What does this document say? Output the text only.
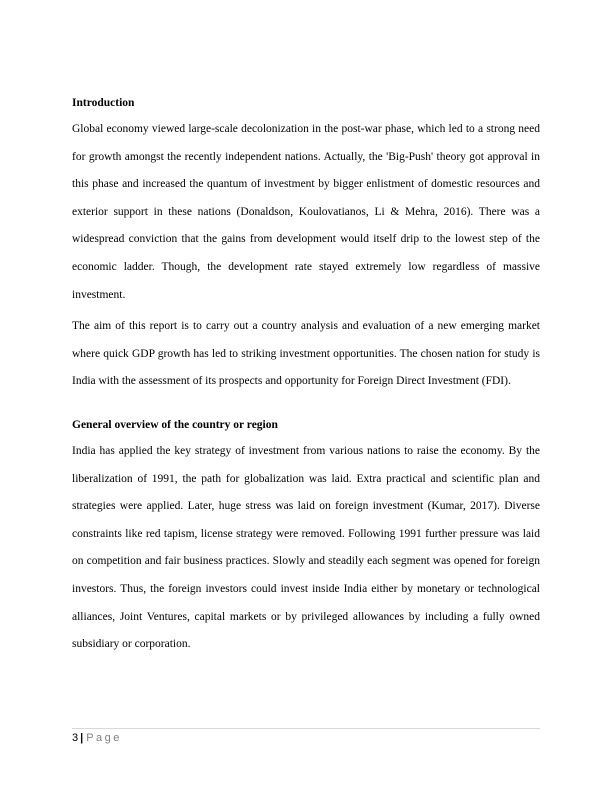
Introduction

Global economy viewed large-scale decolonization in the post-war phase, which led to a strong need for growth amongst the recently independent nations. Actually, the 'Big-Push' theory got approval in this phase and increased the quantum of investment by bigger enlistment of domestic resources and exterior support in these nations (Donaldson, Koulovatianos, Li & Mehra, 2016). There was a widespread conviction that the gains from development would itself drip to the lowest step of the economic ladder. Though, the development rate stayed extremely low regardless of massive investment.

The aim of this report is to carry out a country analysis and evaluation of a new emerging market where quick GDP growth has led to striking investment opportunities. The chosen nation for study is India with the assessment of its prospects and opportunity for Foreign Direct Investment (FDI).

General overview of the country or region

India has applied the key strategy of investment from various nations to raise the economy. By the liberalization of 1991, the path for globalization was laid. Extra practical and scientific plan and strategies were applied. Later, huge stress was laid on foreign investment (Kumar, 2017). Diverse constraints like red tapism, license strategy were removed. Following 1991 further pressure was laid on competition and fair business practices. Slowly and steadily each segment was opened for foreign investors. Thus, the foreign investors could invest inside India either by monetary or technological alliances, Joint Ventures, capital markets or by privileged allowances by including a fully owned subsidiary or corporation.

3 | Page
